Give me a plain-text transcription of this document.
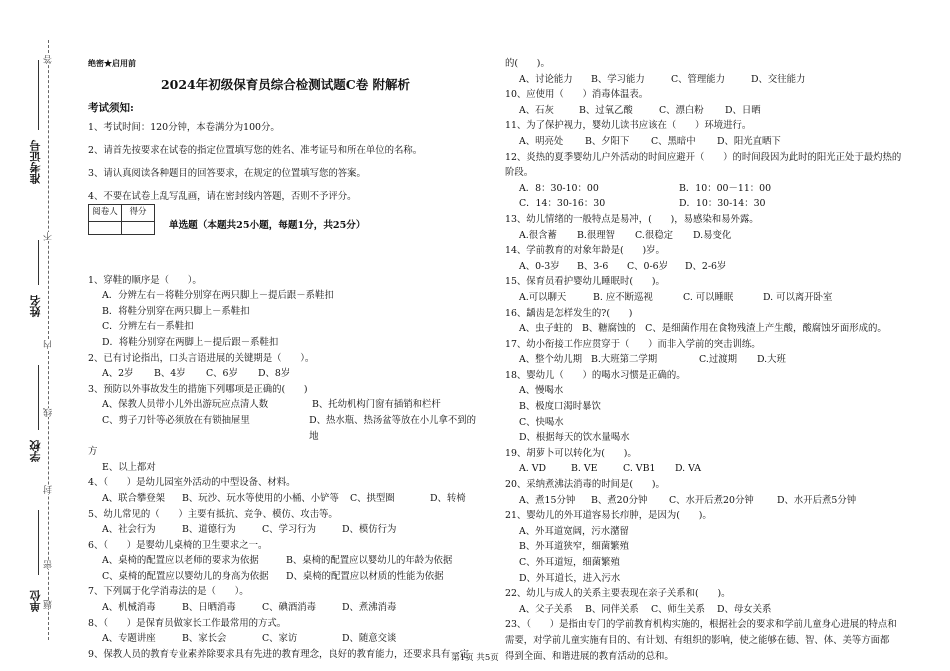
答
准考证号
不
姓名
内
线
学校
封
密
单位 题
绝密★启用前
2024年初级保育员综合检测试题C卷 附解析
考试须知:
1、考试时间：120分钟，本卷满分为100分。
2、请首先按要求在试卷的指定位置填写您的姓名、准考证号和所在单位的名称。
3、请认真阅读各种题目的回答要求，在规定的位置填写您的答案。
4、不要在试卷上乱写乱画，请在密封线内答题，否则不予评分。
阅卷人	得分

单选题（本题共25小题，每题1分，共25分）
1、穿鞋的顺序是（　　）。
A．分辨左右－将鞋分别穿在两只脚上－提后跟－系鞋扣
B．将鞋分别穿在两只脚上－系鞋扣
C．分辨左右－系鞋扣
D．将鞋分别穿在两脚上－提后跟－系鞋扣
2、已有讨论指出，口头言语进展的关键期是（　　）。
A、2岁	B、4岁	C、6岁	D、8岁
3、预防以外事故发生的措施下列哪项是正确的(　　)
A、保教人员带小儿外出游玩应点清人数	B、托幼机构门窗有插销和栏杆
C、剪子刀针等必须放在有锁抽屉里	D、热水瓶、热汤盆等放在小儿拿不到的地
方
E、以上都对
4、（　　）是幼儿园室外活动的中型设备、材料。
A、联合攀登架	B、玩沙、玩水等使用的小桶、小铲等	C、拱型圈	D、转椅
5、幼儿常见的（　　）主要有抵抗、竞争、模仿、攻击等。
A、社会行为	B、道德行为	C、学习行为	D、模仿行为
6、（　　）是婴幼儿桌椅的卫生要求之一。
A、桌椅的配置应以老师的要求为依据	B、桌椅的配置应以婴幼儿的年龄为依据
C、桌椅的配置应以婴幼儿的身高为依据	D、桌椅的配置应以材质的性能为依据
7、下列属于化学消毒法的是（　　）。
A、机械消毒	B、日晒消毒	C、碘酒消毒	D、煮沸消毒
8、（　　）是保育员做家长工作最常用的方式。
A、专题讲座	B、家长会	C、家访	D、随意交谈
9、保教人员的教育专业素养除要求具有先进的教育理念，良好的教育能力，还要求具有一定
的(　　)。
A、讨论能力	B、学习能力	C、管理能力	D、交往能力
10、应使用（　　）消毒体温表。
A、石灰	B、过氧乙酸	C、漂白粉	D、日晒
11、为了保护视力，婴幼儿读书应该在（　　）环境进行。
A、明亮处	B、夕阳下	C、黑暗中	D、阳光直晒下
12、炎热的夏季婴幼儿户外活动的时间应避开（　　）的时间段因为此时的阳光正处于最灼热的
阶段。
A．8：30-10：00	B．10：00－11：00
C．14：30-16：30	D．10：30-14：30
13、幼儿情绪的一般特点是易冲，(　　)，易感染和易外露。
A.很含蓄	B.很理智	C.很稳定	D.易变化
14、学前教育的对象年龄是(　　)岁。
A、0-3岁	B、3-6	C、0-6岁	D、2-6岁
15、保育员看护婴幼儿睡眠时(　　)。
A.可以聊天	B. 应不断巡视	C. 可以睡眠	D. 可以离开卧室
16、龋齿是怎样发生的?(　　)
A、虫子蛀的　B、糖腐蚀的　C、是细菌作用在食物残渣上产生酸，酸腐蚀牙面形成的。
17、幼小衔接工作应贯穿于（　　）而非入学前的突击训练。
A、整个幼儿期 B.大班第二学期	C.过渡期	D.大班
18、婴幼儿（　　）的喝水习惯是正确的。
A、慢喝水
B、极度口渴时暴饮
C、快喝水
D、根据每天的饮水量喝水
19、胡萝卜可以转化为(　　)。
A. VD	B. VE	C. VB1	D. VA
20、采纳煮沸法消毒的时间是(　　)。
A、煮15分钟	B、煮20分钟	C、水开后煮20分钟	D、水开后煮5分钟
21、婴幼儿的外耳道容易长疖肿，是因为(　　)。
A、外耳道宽阔，污水潴留
B、外耳道狭窄，细菌繁殖
C、外耳道短，细菌繁殖
D、外耳道长，进入污水
22、幼儿与成人的关系主要表现在亲子关系和(　　)。
A、父子关系	B、同伴关系	C、师生关系	D、母女关系
23、（　　）是指由专门的学前教育机构实施的，根据社会的要求和学前儿童身心进展的特点和
需要，对学前儿童实施有目的、有计划、有组织的影响，使之能够在德、智、体、美等方面都
得到全面、和谐进展的教育活动的总和。
第1页 共5页
